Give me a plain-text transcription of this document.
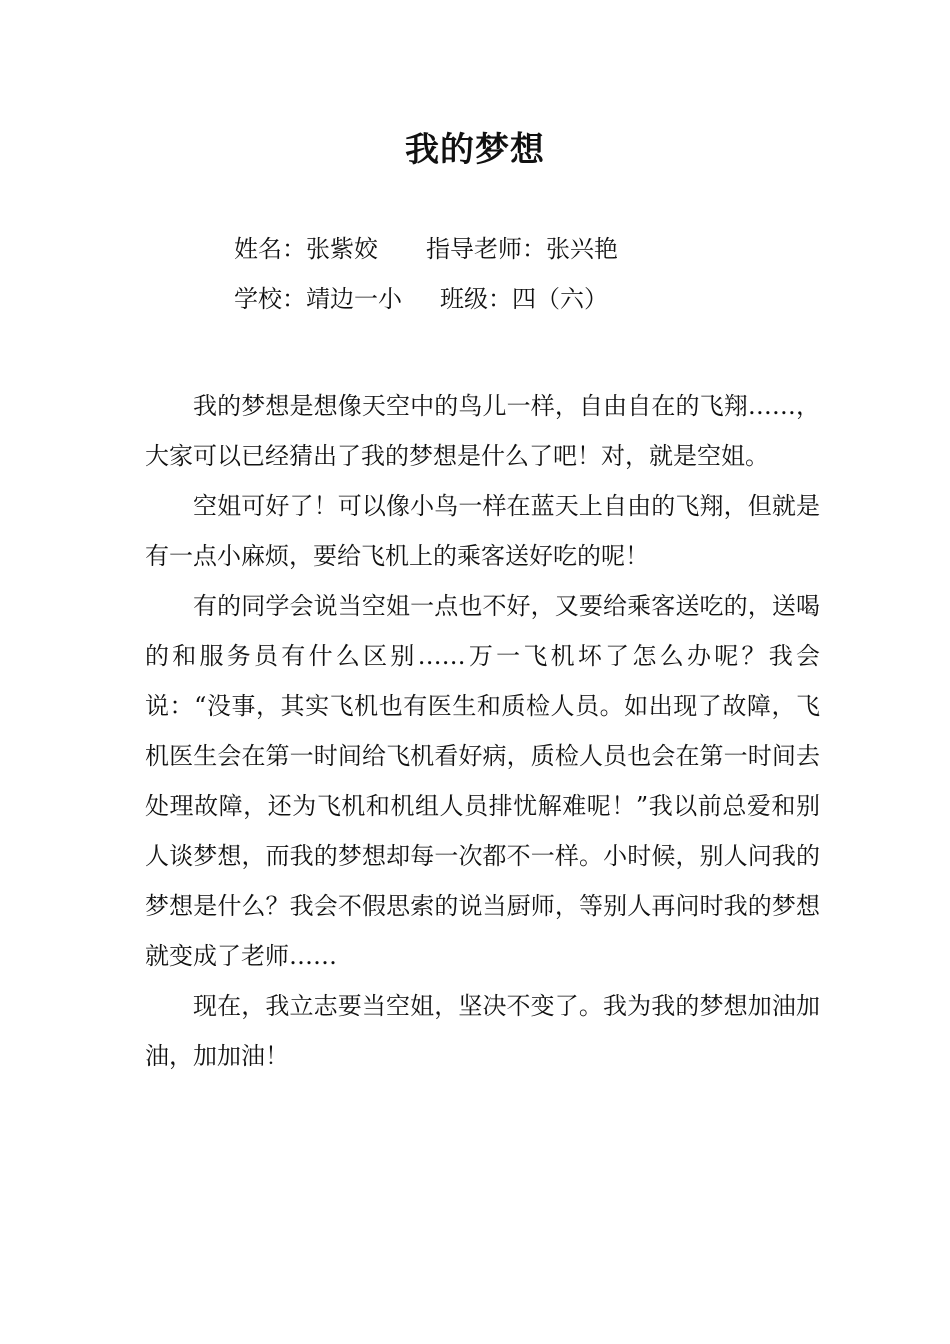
我的梦想
姓名：张紫姣 指导老师：张兴艳
学校：靖边一小 班级：四（六）

我的梦想是想像天空中的鸟儿一样，自由自在的飞翔……，大家可以已经猜出了我的梦想是什么了吧！对，就是空姐。

空姐可好了！可以像小鸟一样在蓝天上自由的飞翔，但就是有一点小麻烦，要给飞机上的乘客送好吃的呢！

有的同学会说当空姐一点也不好，又要给乘客送吃的，送喝的和服务员有什么区别……万一飞机坏了怎么办呢？我会说：“没事，其实飞机也有医生和质检人员。如出现了故障，飞机医生会在第一时间给飞机看好病，质检人员也会在第一时间去处理故障，还为飞机和机组人员排忧解难呢！”我以前总爱和别人谈梦想，而我的梦想却每一次都不一样。小时候，别人问我的梦想是什么？我会不假思索的说当厨师，等别人再问时我的梦想就变成了老师……

现在，我立志要当空姐，坚决不变了。我为我的梦想加油加油，加加油！
